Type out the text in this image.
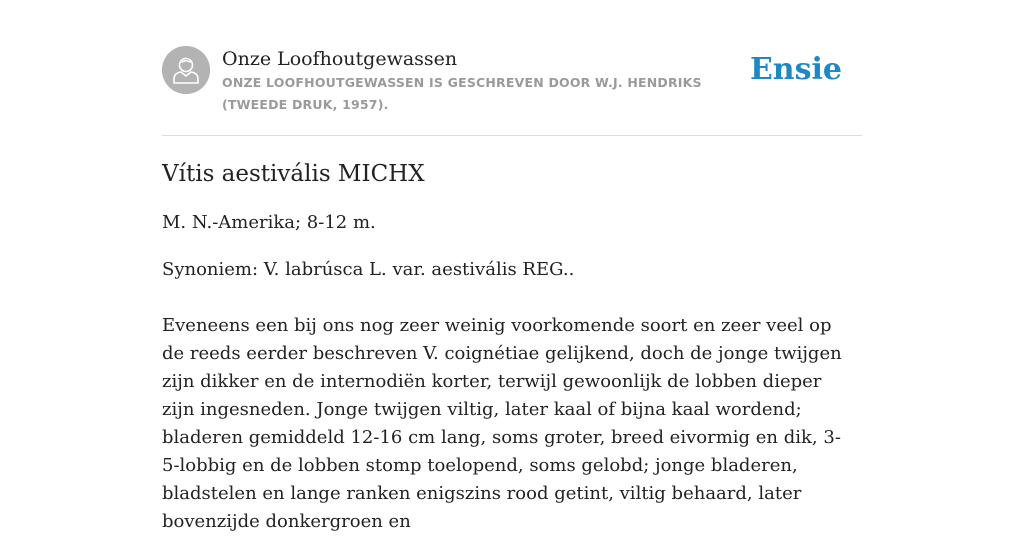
Onze Loofhoutgewassen
ONZE LOOFHOUTGEWASSEN IS GESCHREVEN DOOR W.J. HENDRIKS (TWEEDE DRUK, 1957).
Ensie
Vítis aestivális MICHX

M. N.-Amerika; 8-12 m.

Synoniem: V. labrúsca L. var. aestivális REG..

Eveneens een bij ons nog zeer weinig voorkomende soort en zeer veel op de reeds eerder beschreven V. coignétiae gelijkend, doch de jonge twijgen zijn dikker en de internodiën korter, terwijl gewoonlijk de lobben dieper zijn ingesneden. Jonge twijgen viltig, later kaal of bijna kaal wordend; bladeren gemiddeld 12-16 cm lang, soms groter, breed eivormig en dik, 3-5-lobbig en de lobben stomp toelopend, soms gelobd; jonge bladeren, bladstelen en lange ranken enigszins rood getint, viltig behaard, later bovenzijde donkergroen en
